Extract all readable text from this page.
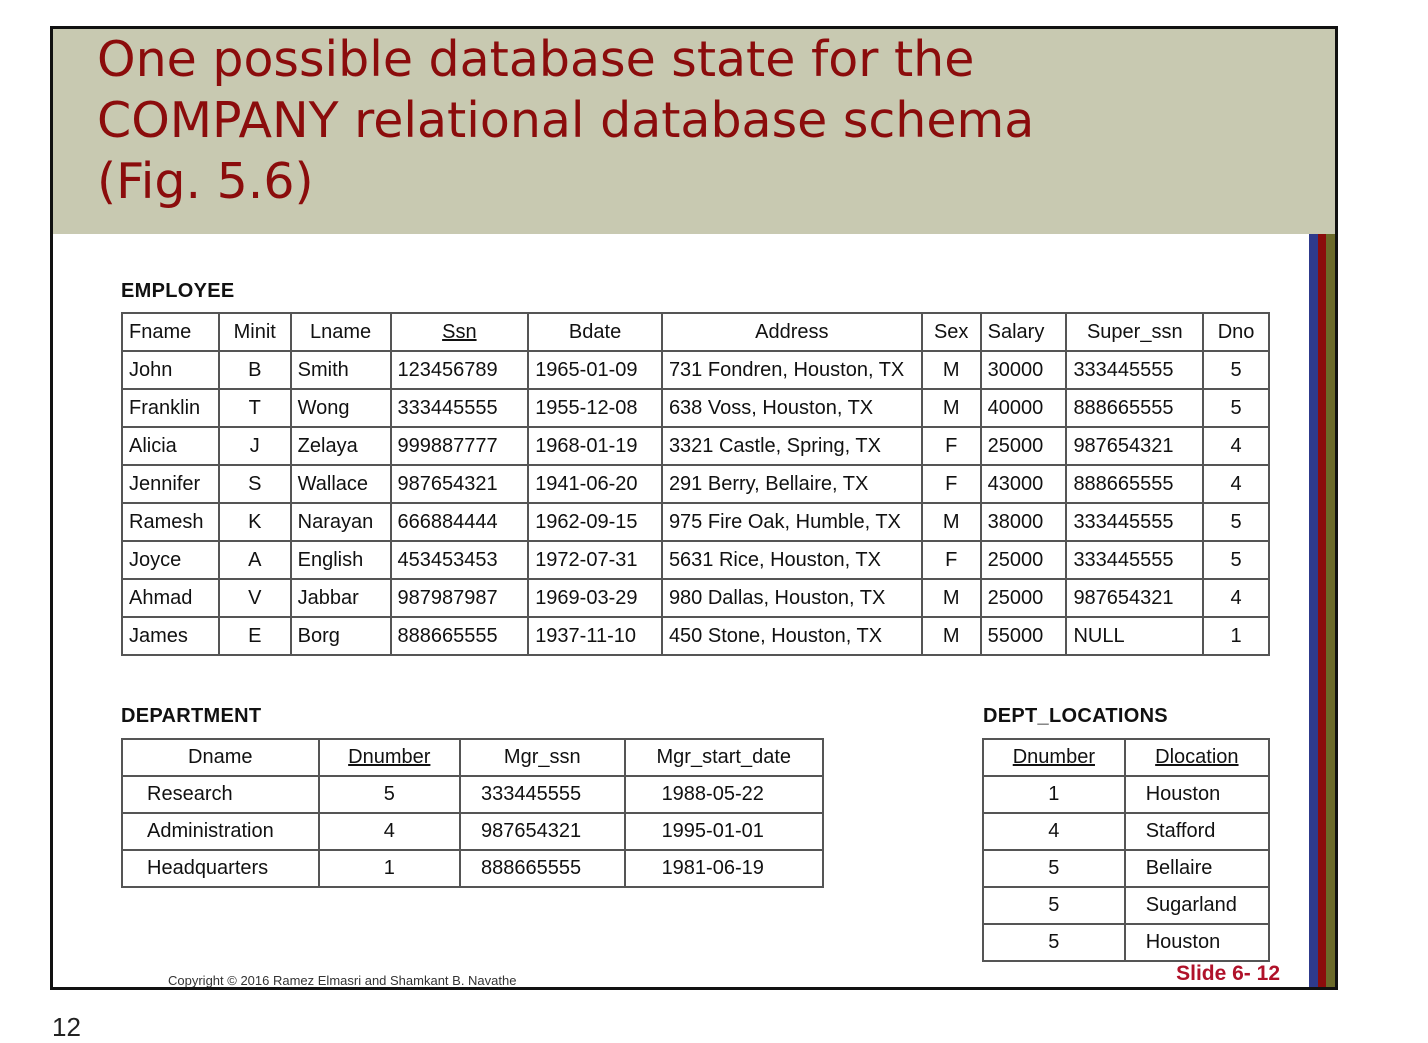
One possible database state for the
COMPANY relational database schema
(Fig. 5.6)
EMPLOYEE
Fname	Minit	Lname	Ssn	Bdate	Address	Sex	Salary	Super_ssn	Dno
John	B	Smith	123456789	1965-01-09	731 Fondren, Houston, TX	M	30000	333445555	5
Franklin	T	Wong	333445555	1955-12-08	638 Voss, Houston, TX	M	40000	888665555	5
Alicia	J	Zelaya	999887777	1968-01-19	3321 Castle, Spring, TX	F	25000	987654321	4
Jennifer	S	Wallace	987654321	1941-06-20	291 Berry, Bellaire, TX	F	43000	888665555	4
Ramesh	K	Narayan	666884444	1962-09-15	975 Fire Oak, Humble, TX	M	38000	333445555	5
Joyce	A	English	453453453	1972-07-31	5631 Rice, Houston, TX	F	25000	333445555	5
Ahmad	V	Jabbar	987987987	1969-03-29	980 Dallas, Houston, TX	M	25000	987654321	4
James	E	Borg	888665555	1937-11-10	450 Stone, Houston, TX	M	55000	NULL	1
DEPARTMENT
Dname	Dnumber	Mgr_ssn	Mgr_start_date
Research	5	333445555	1988-05-22
Administration	4	987654321	1995-01-01
Headquarters	1	888665555	1981-06-19
DEPT_LOCATIONS
Dnumber	Dlocation
1	Houston
4	Stafford
5	Bellaire
5	Sugarland
5	Houston
Copyright © 2016 Ramez Elmasri and Shamkant B. Navathe	Slide 6- 12
12
